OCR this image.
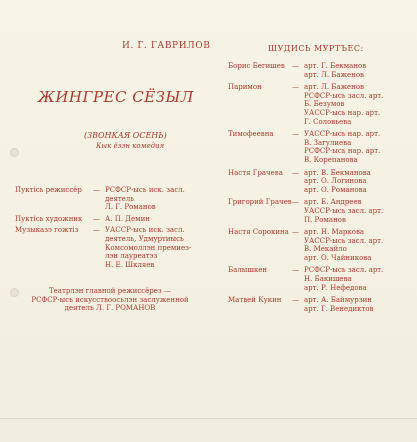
И. Г. ГАВРИЛОВ
ЖИНГРЕС СЁЗЫЛ
(ЗВОНКАЯ ОСЕНЬ)
Кык ёзэн комедия
Пуктiсь режиссёр	— РСФСР-ысь иск. засл.
деятель
Л. Г. Романов
Пуктiсь художник	— А. П. Демин
Музыказэ гожтiз	— УАССР-ысь иск. засл.
деятель, Удмуртиысь
Комсомоллэн премиез-
лэн лауреатэз
Н. Е. Шкляев
Театрлэн главной режиссёрез —
РСФСР-ысь искусствоосьлэн заслуженной
деятель Л. Г. РОМАНОВ
ШУДИСЬ МУРТЪЕС:
Борис Бегишев	— арт. Г. Бекманов
арт. Л. Баженов
Паримон	— арт. Л. Баженов
РСФСР-ысь засл. арт.
Б. Безумов
УАССР-ысь нар. арт.
Г. Соловьева
Тимофеевна	— УАССР-ысь нар. арт.
В. Загулиева
РСФСР-ысь нар. арт.
В. Корепанова
Настя Грачева	— арт. В. Бекманова
арт. О. Логинова
арт. О. Романова
Григорий Грачев — арт. Е. Андреев
УАССР-ысь засл. арт.
П. Романов
Настя Сорокина — арт. Н. Маркова
УАССР-ысь засл. арт.
В. Мекайло
арт. О. Чайникова
Балышкен	— РСФСР-ысь засл. арт.
Н. Бакишева
арт. Р. Нефедова
Матвей Кукин	— арт. А. Баймурзин
арт. Г. Венедиктов
